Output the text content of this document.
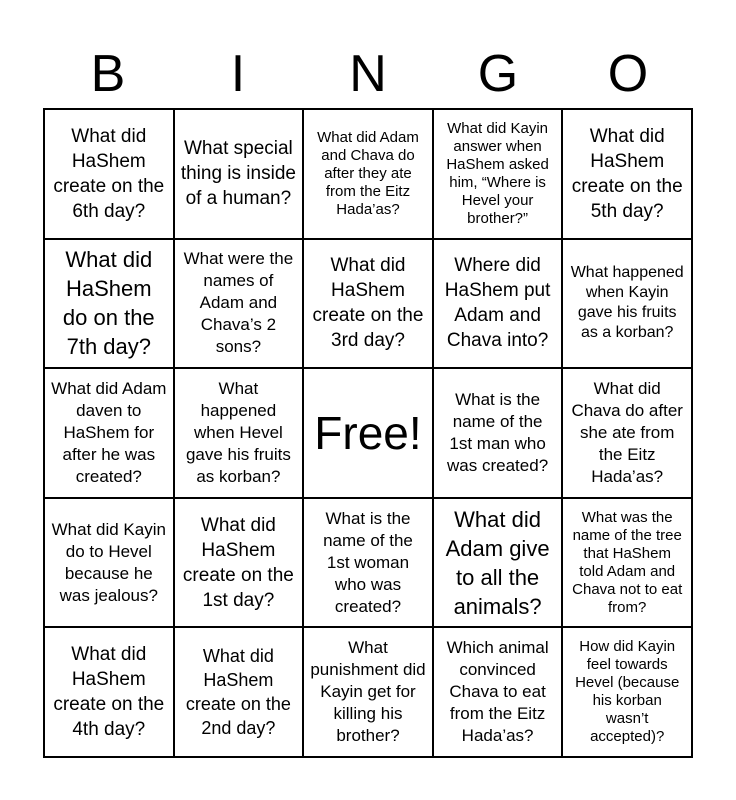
B	I	N	G	O
What did HaShem create on the 6th day?
What special thing is inside of a human?
What did Adam and Chava do after they ate from the Eitz Hada’as?
What did Kayin answer when HaShem asked him, “Where is Hevel your brother?”
What did HaShem create on the 5th day?
What did HaShem do on the 7th day?
What were the names of Adam and Chava’s 2 sons?
What did HaShem create on the 3rd day?
Where did HaShem put Adam and Chava into?
What happened when Kayin gave his fruits as a korban?
What did Adam daven to HaShem for after he was created?
What happened when Hevel gave his fruits as korban?
Free!
What is the name of the 1st man who was created?
What did Chava do after she ate from the Eitz Hada’as?
What did Kayin do to Hevel because he was jealous?
What did HaShem create on the 1st day?
What is the name of the 1st woman who was created?
What did Adam give to all the animals?
What was the name of the tree that HaShem told Adam and Chava not to eat from?
What did HaShem create on the 4th day?
What did HaShem create on the 2nd day?
What punishment did Kayin get for killing his brother?
Which animal convinced Chava to eat from the Eitz Hada’as?
How did Kayin feel towards Hevel (because his korban wasn’t accepted)?
